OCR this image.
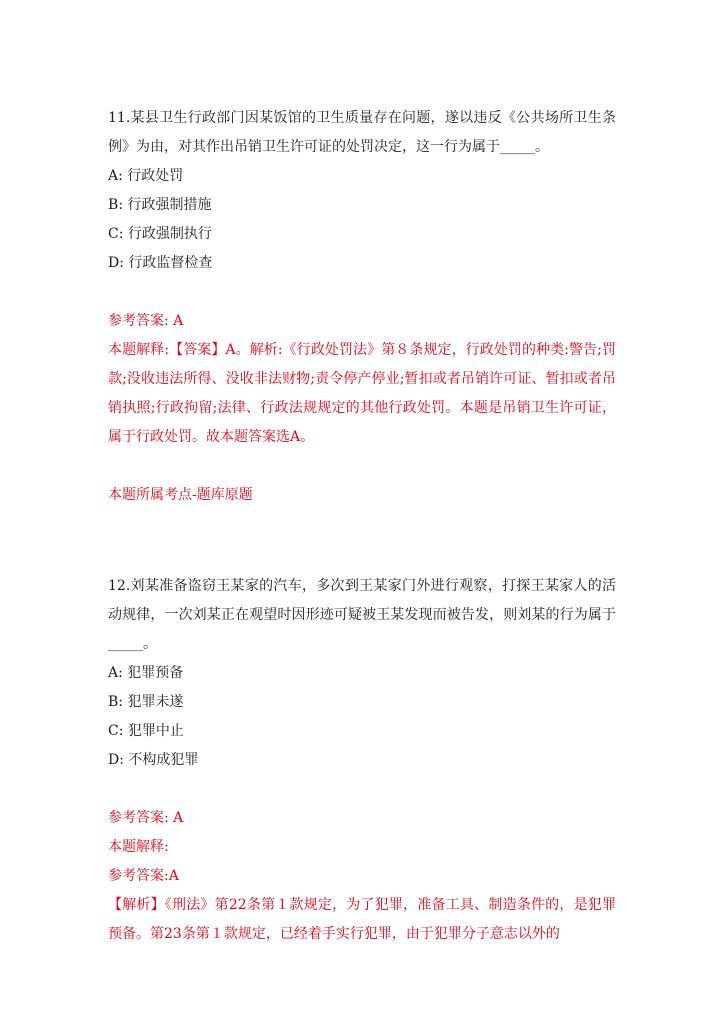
11.某县卫生行政部门因某饭馆的卫生质量存在问题，遂以违反《公共场所卫生条例》为由，对其作出吊销卫生许可证的处罚决定，这一行为属于_____。

A: 行政处罚

B: 行政强制措施

C: 行政强制执行

D: 行政监督检查

参考答案: A

本题解释:【答案】A。解析:《行政处罚法》第８条规定，行政处罚的种类:警告;罚款;没收违法所得、没收非法财物;责令停产停业;暂扣或者吊销许可证、暂扣或者吊销执照;行政拘留;法律、行政法规规定的其他行政处罚。本题是吊销卫生许可证，属于行政处罚。故本题答案选A。

本题所属考点-题库原题

12.刘某准备盗窃王某家的汽车，多次到王某家门外进行观察，打探王某家人的活动规律，一次刘某正在观望时因形迹可疑被王某发现而被告发，则刘某的行为属于_____。

A: 犯罪预备

B: 犯罪未遂

C: 犯罪中止

D: 不构成犯罪

参考答案: A

本题解释:

参考答案:A

【解析】《刑法》第22条第１款规定，为了犯罪，准备工具、制造条件的，是犯罪预备。第23条第１款规定，已经着手实行犯罪，由于犯罪分子意志以外的
